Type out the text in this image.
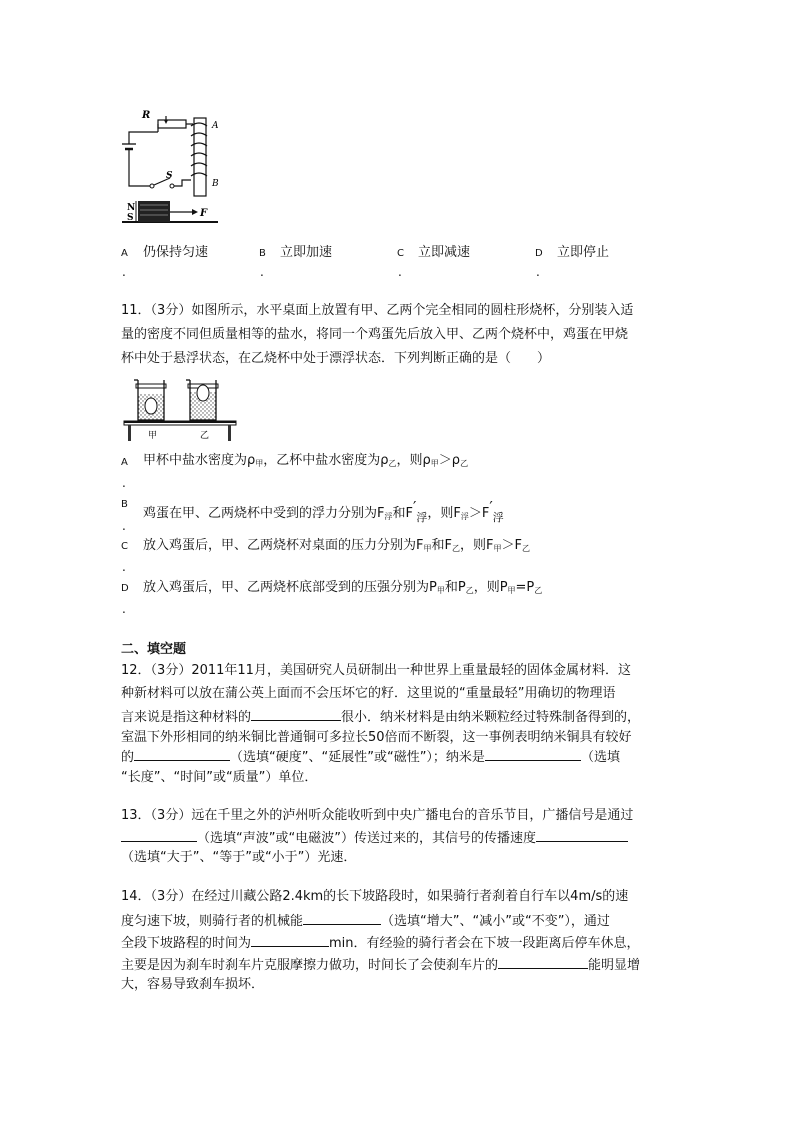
R
A
B
S
N
S	F
A
.
仍保持匀速	B
.
立即加速	C
.
立即减速	D
.
立即停止
11．（3分）如图所示，水平桌面上放置有甲、乙两个完全相同的圆柱形烧杯，分别装入适
量的密度不同但质量相等的盐水，将同一个鸡蛋先后放入甲、乙两个烧杯中，鸡蛋在甲烧
杯中处于悬浮状态，在乙烧杯中处于漂浮状态．下列判断正确的是（　　）
甲	乙
A
.
甲杯中盐水密度为$\rho_甲$，乙杯中盐水密度为$\rho_乙$，则$\rho_甲>\rho_乙$
B
.
鸡蛋在甲、乙两烧杯中受到的浮力分别为$F_浮$和$F'_浮$，则$F_浮>F'_浮$
C
.
放入鸡蛋后，甲、乙两烧杯对桌面的压力分别为$F_甲$和$F_乙$，则$F_甲>F_乙$
D
.
放入鸡蛋后，甲、乙两烧杯底部受到的压强分别为$P_甲$和$P_乙$，则$P_甲=P_乙$
二、填空题
12．（3分）2011年11月，美国研究人员研制出一种世界上重量最轻的固体金属材料．这
种新材料可以放在蒲公英上面而不会压坏它的籽．这里说的“重量最轻”用确切的物理语
言来说是指这种材料的	很小．纳米材料是由纳米颗粒经过特殊制备得到的，
室温下外形相同的纳米铜比普通铜可多拉长50倍而不断裂，这一事例表明纳米铜具有较好
的	（选填“硬度”、“延展性”或“磁性”）；纳米是	（选填
“长度”、“时间”或“质量”）单位．
13．（3分）远在千里之外的泸州听众能收听到中央广播电台的音乐节目，广播信号是通过
（选填“声波”或“电磁波”）传送过来的，其信号的传播速度
（选填“大于”、“等于”或“小于”）光速．
14．（3分）在经过川藏公路2.4km的长下坡路段时，如果骑行者刹着自行车以4m/s的速
度匀速下坡，则骑行者的机械能	（选填“增大”、“减小”或“不变”），通过
全段下坡路程的时间为	min．有经验的骑行者会在下坡一段距离后停车休息，
主要是因为刹车时刹车片克服摩擦力做功，时间长了会使刹车片的	能明显增
大，容易导致刹车损坏．
